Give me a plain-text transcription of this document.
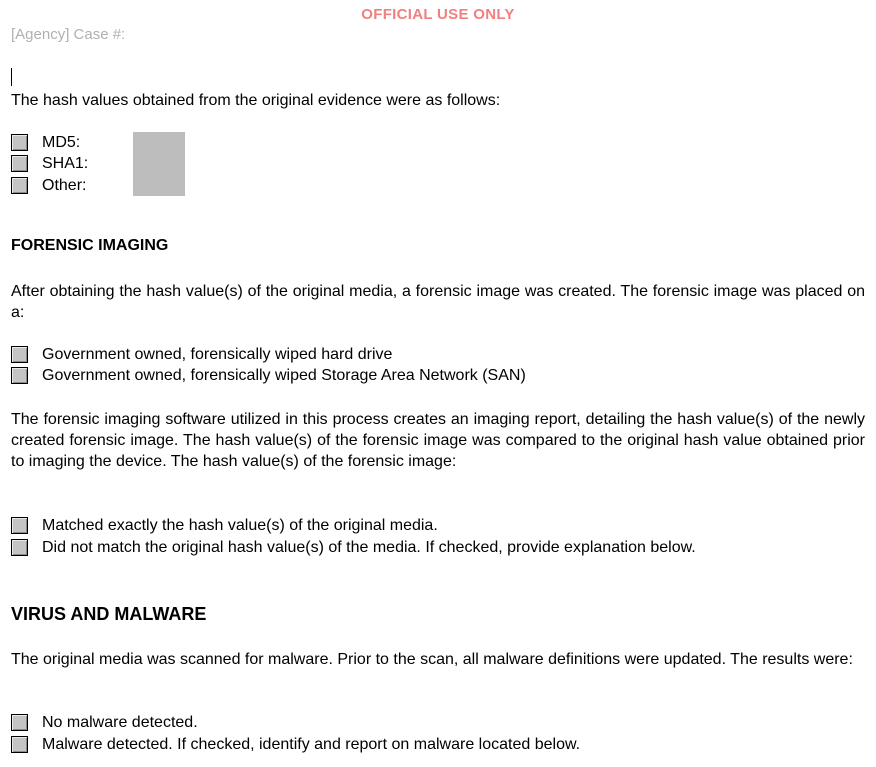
OFFICIAL USE ONLY
[Agency] Case #:

The hash values obtained from the original evidence were as follows:

MD5:
SHA1:
Other:
FORENSIC IMAGING

After obtaining the hash value(s) of the original media, a forensic image was created. The forensic image was placed on a:

Government owned, forensically wiped hard drive
Government owned, forensically wiped Storage Area Network (SAN)

The forensic imaging software utilized in this process creates an imaging report, detailing the hash value(s) of the newly created forensic image. The hash value(s) of the forensic image was compared to the original hash value obtained prior to imaging the device. The hash value(s) of the forensic image:

Matched exactly the hash value(s) of the original media.
Did not match the original hash value(s) of the media. If checked, provide explanation below.
VIRUS AND MALWARE

The original media was scanned for malware. Prior to the scan, all malware definitions were updated. The results were:

No malware detected.
Malware detected. If checked, identify and report on malware located below.
